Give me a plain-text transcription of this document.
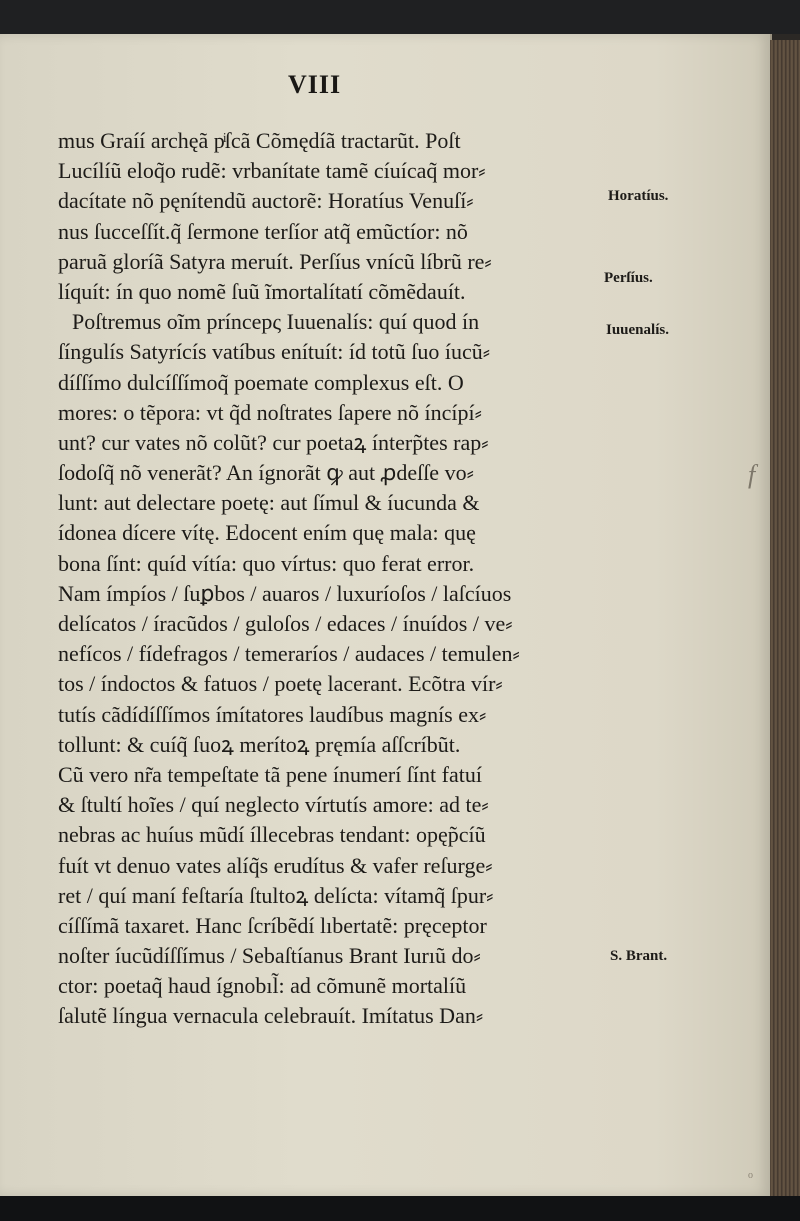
VIII
mus Graíí archęã pͥſcã Cõmędíã tractarũt. Poſt
Lucílíũ eloq̃o rudẽ: vrbanítate tamẽ cíuícaq̃ mor⸗
dacítate nõ pęnítendũ auctorẽ: Horatíus Venuſí⸗
nus ſucceſſít.q̃ ſermone terſíor atq̃ emũctíor: nõ
paruã gloríã Satyra meruít. Perſíus vnícũ líbrũ re⸗
líquít: ín quo nomẽ ſuũ ĩmortalítatí cõmẽdauít.
Poſtremus oĩm príncepς Iuuenalís: quí quod ín
ſíngulís Satyrícís vatíbus enítuít: íd totũ ſuo íucũ⸗
díſſímo dulcíſſímoq̃ poemate complexus eſt. O
mores: o tẽpora: vt q̃d noſtrates ſapere nõ íncípí⸗
unt? cur vates nõ colũt? cur poetaꝝ ínterp̃tes rap⸗
ſodoſq̃ nõ venerãt? An ígnorãt ꝙ aut ꝓdeſſe vo⸗
lunt: aut delectare poetę: aut ſímul & íucunda &
ídonea dícere vítę. Edocent ením quę mala: quę
bona ſínt: quíd vítía: quo vírtus: quo ferat error.
Nam ímpíos / ſuꝑbos / auaros / luxuríoſos / laſcíuos
delícatos / íracũdos / guloſos / edaces / ínuídos / ve⸗
nefícos / fídefragos / temeraríos / audaces / temulen⸗
tos / índoctos & fatuos / poetę lacerant. Ecõtra vír⸗
tutís cãdídíſſímos ímítatores laudíbus magnís ex⸗
tollunt: & cuíq̃ ſuoꝝ merítoꝝ pręmía aſſcríbũt.
Cũ vero nr̃a tempeſtate tã pene ínumerí ſínt fatuí
& ſtultí hoĩes / quí neglecto vírtutís amore: ad te⸗
nebras ac huíus mũdí íllecebras tendant: opęp̃cíũ
fuít vt denuo vates alíq̃s erudítus & vafer reſurge⸗
ret / quí maní feſtaría ſtultoꝝ delícta: vítamq̃ ſpur⸗
cíſſímã taxaret. Hanc ſcríbẽdí lıbertatẽ: pręceptor
noſter íucũdíſſímus / Sebaſtíanus Brant Iurıũ do⸗
ctor: poetaq̃ haud ígnobıl̃: ad cõmunẽ mortalíũ
ſalutẽ língua vernacula celebrauít. Imítatus Dan⸗
Horatíus.
Perſíus.
Iuuenalís.
S. Brant.
f
o
